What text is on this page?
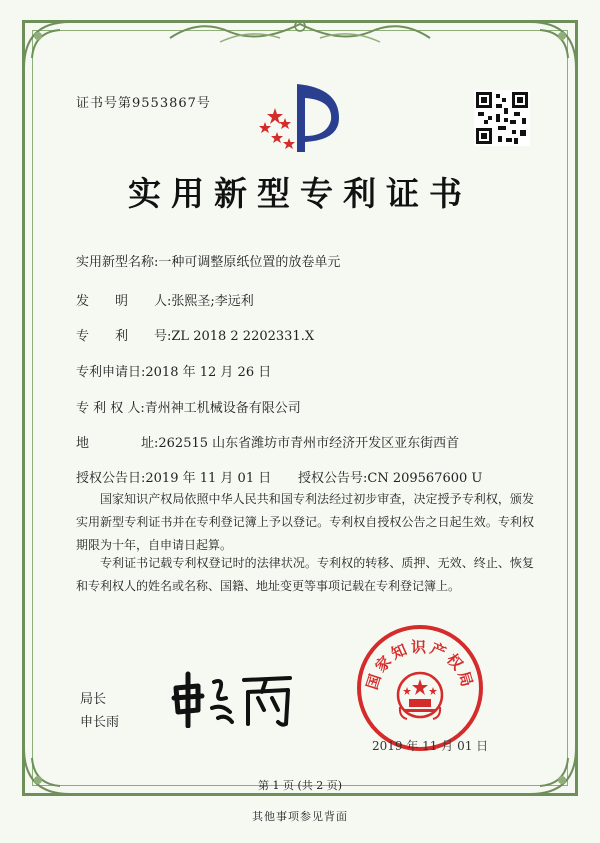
证书号第9553867号
实用新型专利证书
实用新型名称:一种可调整原纸位置的放卷单元
发　　明　　人:张熙圣;李远利
专　　利　　号:ZL 2018 2 2202331.X
专利申请日:2018 年 12 月 26 日
专 利 权 人:青州神工机械设备有限公司
地　　　　址:262515 山东省潍坊市青州市经济开发区亚东街西首
授权公告日:2019 年 11 月 01 日 授权公告号:CN 209567600 U
国家知识产权局依照中华人民共和国专利法经过初步审查，决定授予专利权，颁发实用新型专利证书并在专利登记簿上予以登记。专利权自授权公告之日起生效。专利权期限为十年，自申请日起算。
专利证书记载专利权登记时的法律状况。专利权的转移、质押、无效、终止、恢复和专利权人的姓名或名称、国籍、地址变更等事项记载在专利登记簿上。
局长
申长雨
国家知识产权局
2019 年 11 月 01 日
第 1 页 (共 2 页)
其他事项参见背面
